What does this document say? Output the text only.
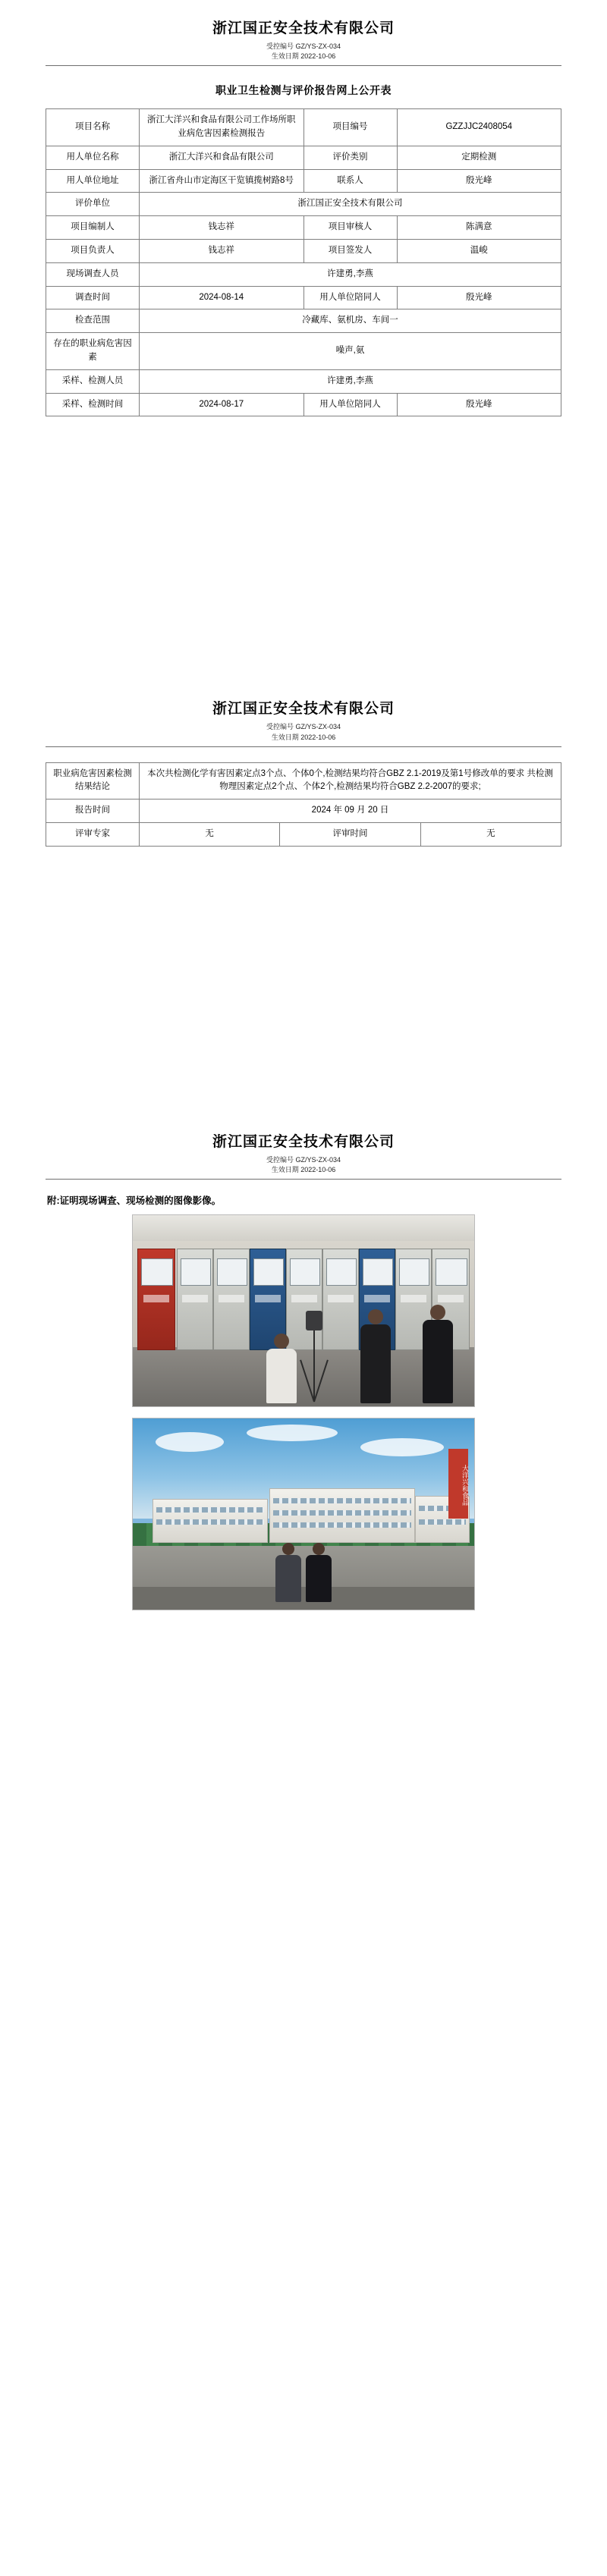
浙江国正安全技术有限公司
受控编号 GZ/YS-ZX-034
生效日期 2022-10-06
职业卫生检测与评价报告网上公开表
项目名称	浙江大洋兴和食品有限公司工作场所职业病危害因素检测报告	项目编号	GZZJJC2408054
用人单位名称	浙江大洋兴和食品有限公司	评价类别	定期检测
用人单位地址	浙江省舟山市定海区干览镇揽树路8号	联系人	殷光峰
评价单位	浙江国正安全技术有限公司		
项目编制人	钱志祥	项目审核人	陈满意
项目负责人	钱志祥	项目签发人	温峻
现场调查人员	许建勇,李燕		
调查时间	2024-08-14	用人单位陪同人	殷光峰
检查范围	冷藏库、氨机房、车间一		
存在的职业病危害因素	噪声,氨		
采样、检测人员	许建勇,李燕		
采样、检测时间	2024-08-17	用人单位陪同人	殷光峰
浙江国正安全技术有限公司
受控编号 GZ/YS-ZX-034
生效日期 2022-10-06
职业病危害因素检测结果结论	本次共检测化学有害因素定点3个点、个体0个,检测结果均符合GBZ 2.1-2019及第1号修改单的要求 共检测物理因素定点2个点、个体2个,检测结果均符合GBZ 2.2-2007的要求;		
报告时间	2024 年 09 月 20 日		
评审专家	无	评审时间	无
浙江国正安全技术有限公司
受控编号 GZ/YS-ZX-034
生效日期 2022-10-06
附:证明现场调查、现场检测的图像影像。
大洋兴和食品
